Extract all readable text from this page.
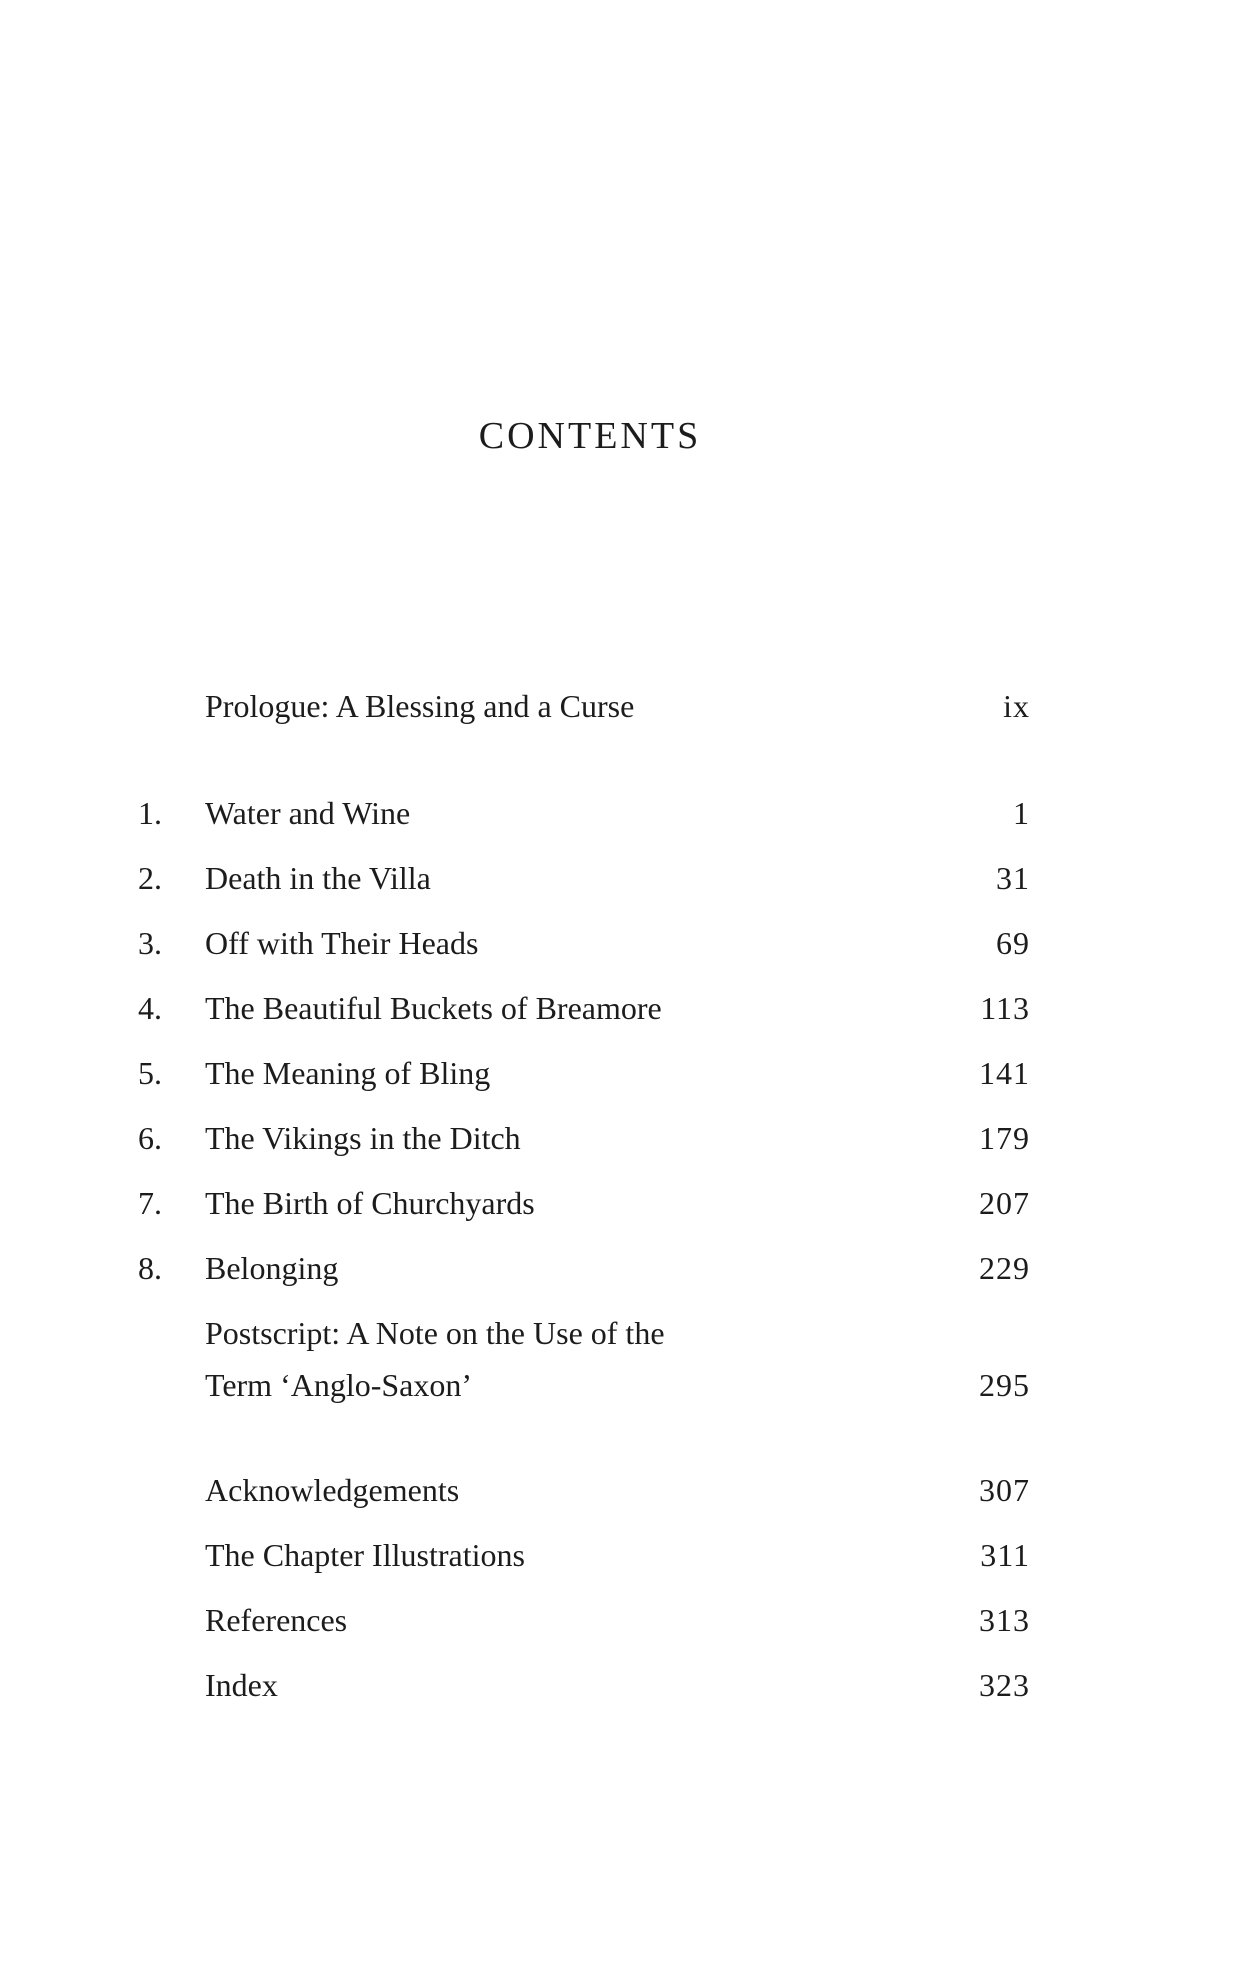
CONTENTS
Prologue: A Blessing and a Curse	ix
1.	Water and Wine	1
2.	Death in the Villa	31
3.	Off with Their Heads	69
4.	The Beautiful Buckets of Breamore	113
5.	The Meaning of Bling	141
6.	The Vikings in the Ditch	179
7.	The Birth of Churchyards	207
8.	Belonging	229
Postscript: A Note on the Use of the
Term ‘Anglo-Saxon’	295
Acknowledgements	307
The Chapter Illustrations	311
References	313
Index	323
